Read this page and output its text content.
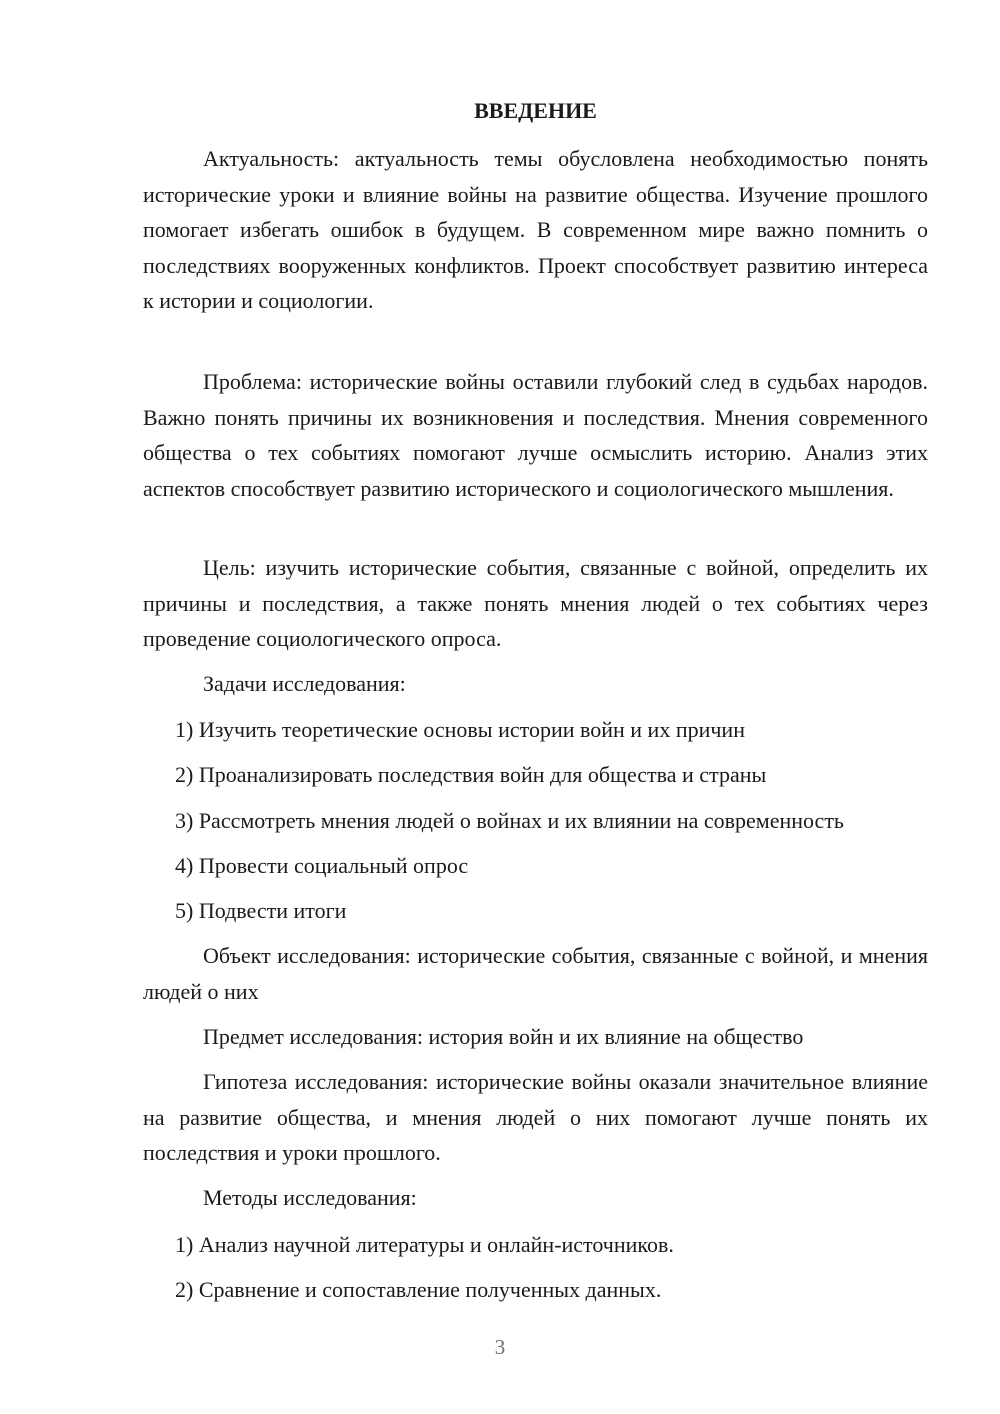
ВВЕДЕНИЕ

Актуальность: актуальность темы обусловлена необходимостью понять исторические уроки и влияние войны на развитие общества. Изучение прошлого помогает избегать ошибок в будущем. В современном мире важно помнить о последствиях вооруженных конфликтов. Проект способствует развитию интереса к истории и социологии.

Проблема: исторические войны оставили глубокий след в судьбах народов. Важно понять причины их возникновения и последствия. Мнения современного общества о тех событиях помогают лучше осмыслить историю. Анализ этих аспектов способствует развитию исторического и социологического мышления.

Цель: изучить исторические события, связанные с войной, определить их причины и последствия, а также понять мнения людей о тех событиях через проведение социологического опроса.

Задачи исследования:

1) Изучить теоретические основы истории войн и их причин

2) Проанализировать последствия войн для общества и страны

3) Рассмотреть мнения людей о войнах и их влиянии на современность

4) Провести социальный опрос

5) Подвести итоги

Объект исследования: исторические события, связанные с войной, и мнения людей о них

Предмет исследования: история войн и их влияние на общество

Гипотеза исследования: исторические войны оказали значительное влияние на развитие общества, и мнения людей о них помогают лучше понять их последствия и уроки прошлого.

Методы исследования:

1) Анализ научной литературы и онлайн-источников.

2) Сравнение и сопоставление полученных данных.

3
